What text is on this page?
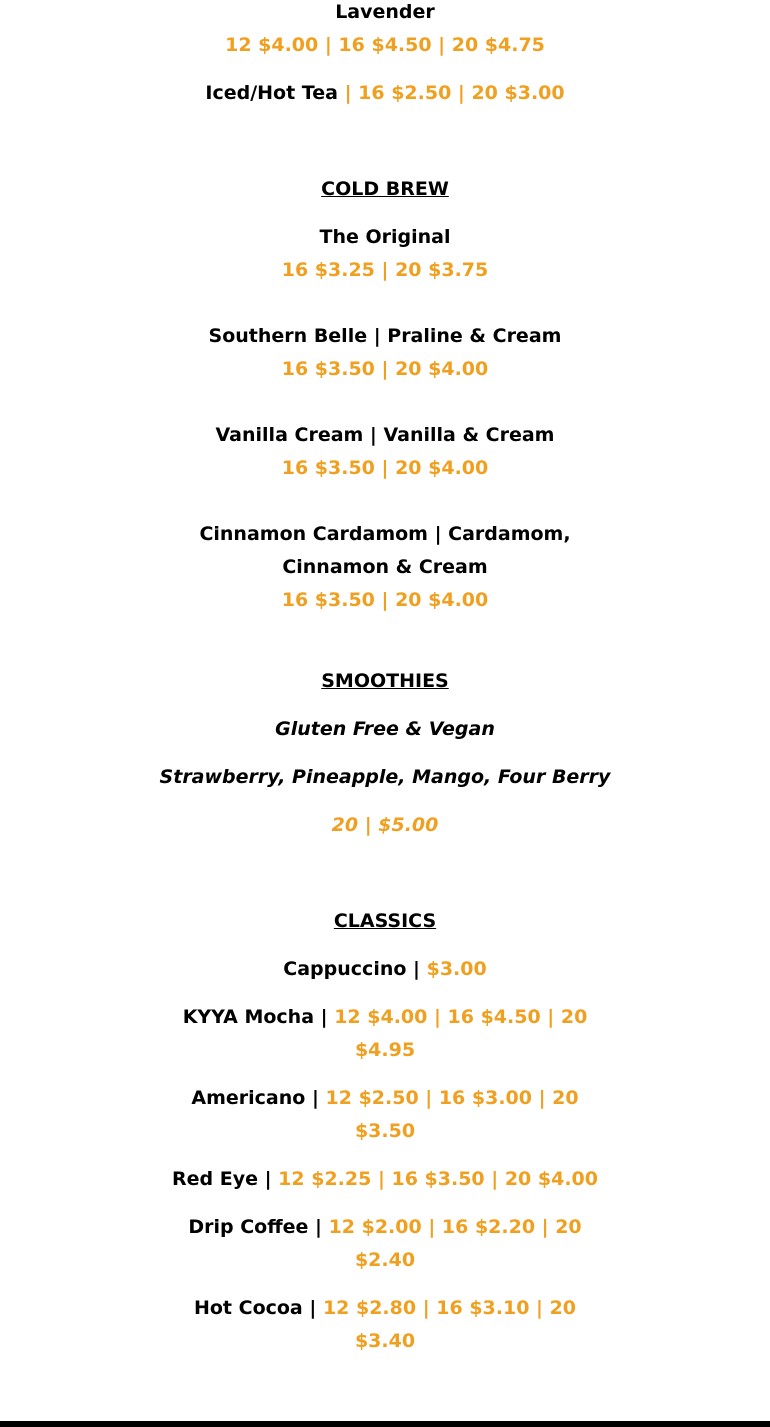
Lavender
12 $4.00 | 16 $4.50 | 20 $4.75
Iced/Hot Tea | 16 $2.50 | 20 $3.00
COLD BREW
The Original
16 $3.25 | 20 $3.75
Southern Belle | Praline & Cream
16 $3.50 | 20 $4.00
Vanilla Cream | Vanilla & Cream
16 $3.50 | 20 $4.00
Cinnamon Cardamom | Cardamom,
Cinnamon & Cream
16 $3.50 | 20 $4.00
SMOOTHIES
Gluten Free & Vegan
Strawberry, Pineapple, Mango, Four Berry
20 | $5.00
CLASSICS
Cappuccino | $3.00
KYYA Mocha | 12 $4.00 | 16 $4.50 | 20
$4.95
Americano | 12 $2.50 | 16 $3.00 | 20
$3.50
Red Eye | 12 $2.25 | 16 $3.50 | 20 $4.00
Drip Coffee | 12 $2.00 | 16 $2.20 | 20
$2.40
Hot Cocoa | 12 $2.80 | 16 $3.10 | 20
$3.40
